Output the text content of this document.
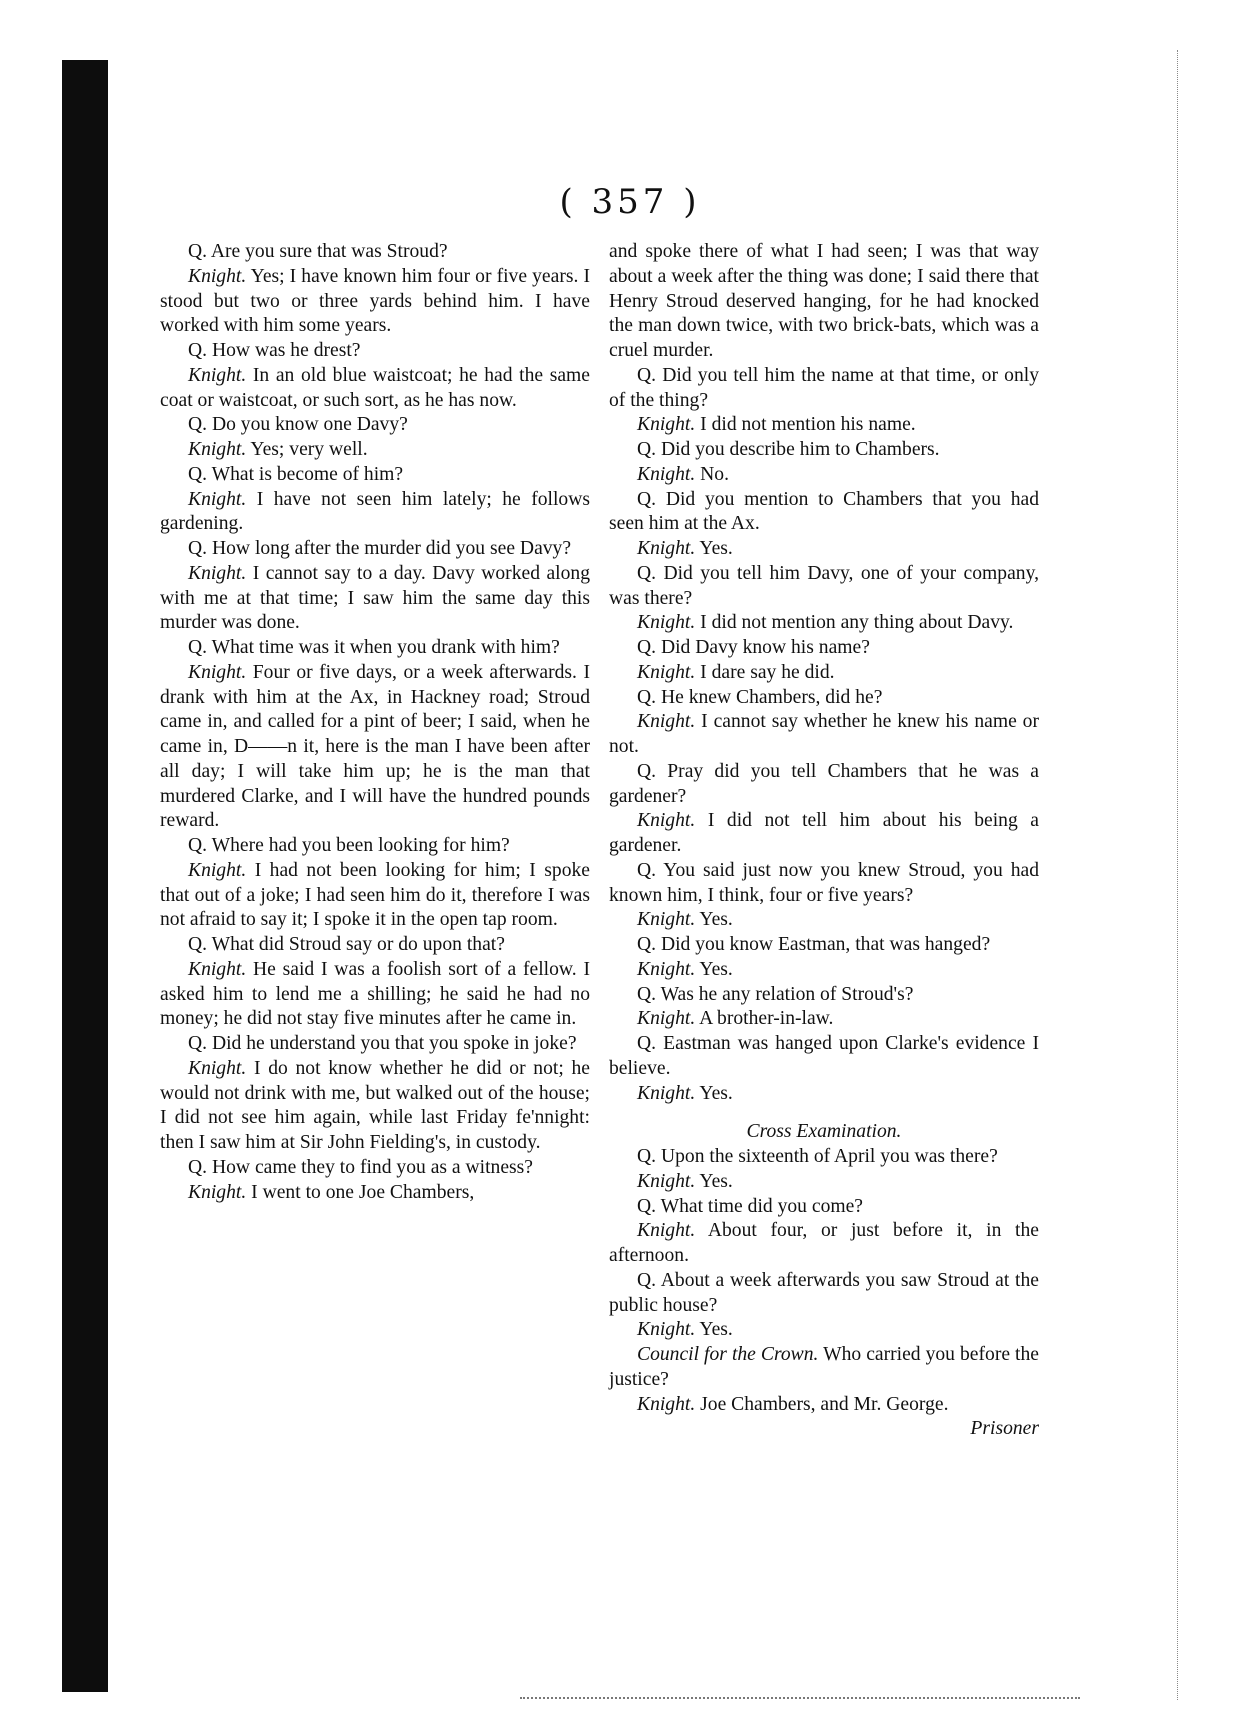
( 357 )

Q. Are you sure that was Stroud?

Knight. Yes; I have known him four or five years. I stood but two or three yards behind him. I have worked with him some years.

Q. How was he drest?

Knight. In an old blue waistcoat; he had the same coat or waistcoat, or such sort, as he has now.

Q. Do you know one Davy?

Knight. Yes; very well.

Q. What is become of him?

Knight. I have not seen him lately; he follows gardening.

Q. How long after the murder did you see Davy?

Knight. I cannot say to a day. Davy worked along with me at that time; I saw him the same day this murder was done.

Q. What time was it when you drank with him?

Knight. Four or five days, or a week afterwards. I drank with him at the Ax, in Hackney road; Stroud came in, and called for a pint of beer; I said, when he came in, D——n it, here is the man I have been after all day; I will take him up; he is the man that murdered Clarke, and I will have the hundred pounds reward.

Q. Where had you been looking for him?

Knight. I had not been looking for him; I spoke that out of a joke; I had seen him do it, therefore I was not afraid to say it; I spoke it in the open tap room.

Q. What did Stroud say or do upon that?

Knight. He said I was a foolish sort of a fellow. I asked him to lend me a shilling; he said he had no money; he did not stay five minutes after he came in.

Q. Did he understand you that you spoke in joke?

Knight. I do not know whether he did or not; he would not drink with me, but walked out of the house; I did not see him again, while last Friday fe'nnight: then I saw him at Sir John Fielding's, in custody.

Q. How came they to find you as a witness?

Knight. I went to one Joe Chambers,

and spoke there of what I had seen; I was that way about a week after the thing was done; I said there that Henry Stroud deserved hanging, for he had knocked the man down twice, with two brick-bats, which was a cruel murder.

Q. Did you tell him the name at that time, or only of the thing?

Knight. I did not mention his name.

Q. Did you describe him to Chambers.

Knight. No.

Q. Did you mention to Chambers that you had seen him at the Ax.

Knight. Yes.

Q. Did you tell him Davy, one of your company, was there?

Knight. I did not mention any thing about Davy.

Q. Did Davy know his name?

Knight. I dare say he did.

Q. He knew Chambers, did he?

Knight. I cannot say whether he knew his name or not.

Q. Pray did you tell Chambers that he was a gardener?

Knight. I did not tell him about his being a gardener.

Q. You said just now you knew Stroud, you had known him, I think, four or five years?

Knight. Yes.

Q. Did you know Eastman, that was hanged?

Knight. Yes.

Q. Was he any relation of Stroud's?

Knight. A brother-in-law.

Q. Eastman was hanged upon Clarke's evidence I believe.

Knight. Yes.

Cross Examination.

Q. Upon the sixteenth of April you was there?

Knight. Yes.

Q. What time did you come?

Knight. About four, or just before it, in the afternoon.

Q. About a week afterwards you saw Stroud at the public house?

Knight. Yes.

Council for the Crown. Who carried you before the justice?

Knight. Joe Chambers, and Mr. George.

Prisoner
